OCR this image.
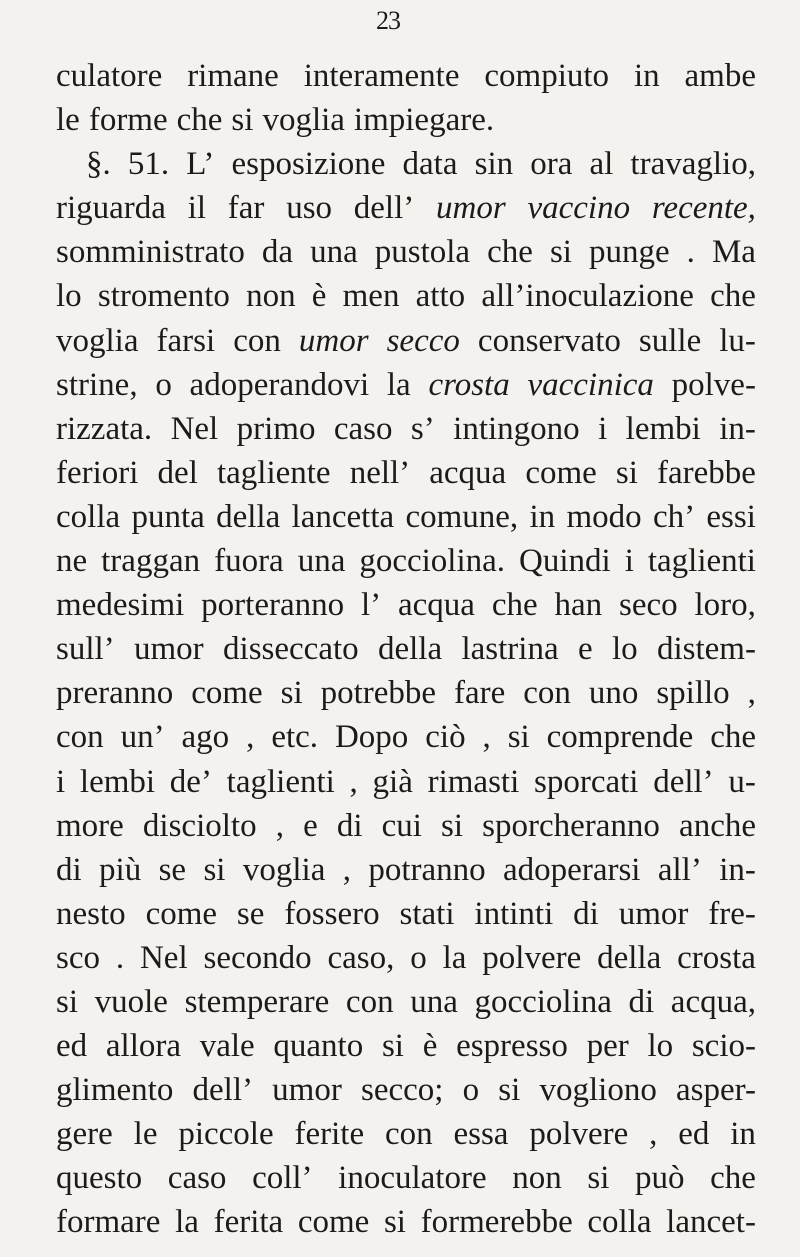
23
culatore rimane interamente compiuto in ambe
le forme che si voglia impiegare.
§. 51. L’ esposizione data sin ora al travaglio,
riguarda il far uso dell’ umor vaccino recente,
somministrato da una pustola che si punge . Ma
lo stromento non è men atto all’inoculazione che
voglia farsi con umor secco conservato sulle lu-
strine, o adoperandovi la crosta vaccinica polve-
rizzata. Nel primo caso s’ intingono i lembi in-
feriori del tagliente nell’ acqua come si farebbe
colla punta della lancetta comune, in modo ch’ essi
ne traggan fuora una gocciolina. Quindi i taglienti
medesimi porteranno l’ acqua che han seco loro,
sull’ umor disseccato della lastrina e lo distem-
preranno come si potrebbe fare con uno spillo ,
con un’ ago , etc. Dopo ciò , si comprende che
i lembi de’ taglienti , già rimasti sporcati dell’ u-
more disciolto , e di cui si sporcheranno anche
di più se si voglia , potranno adoperarsi all’ in-
nesto come se fossero stati intinti di umor fre-
sco . Nel secondo caso, o la polvere della crosta
si vuole stemperare con una gocciolina di acqua,
ed allora vale quanto si è espresso per lo scio-
glimento dell’ umor secco; o si vogliono asper-
gere le piccole ferite con essa polvere , ed in
questo caso coll’ inoculatore non si può che
formare la ferita come si formerebbe colla lancet-
